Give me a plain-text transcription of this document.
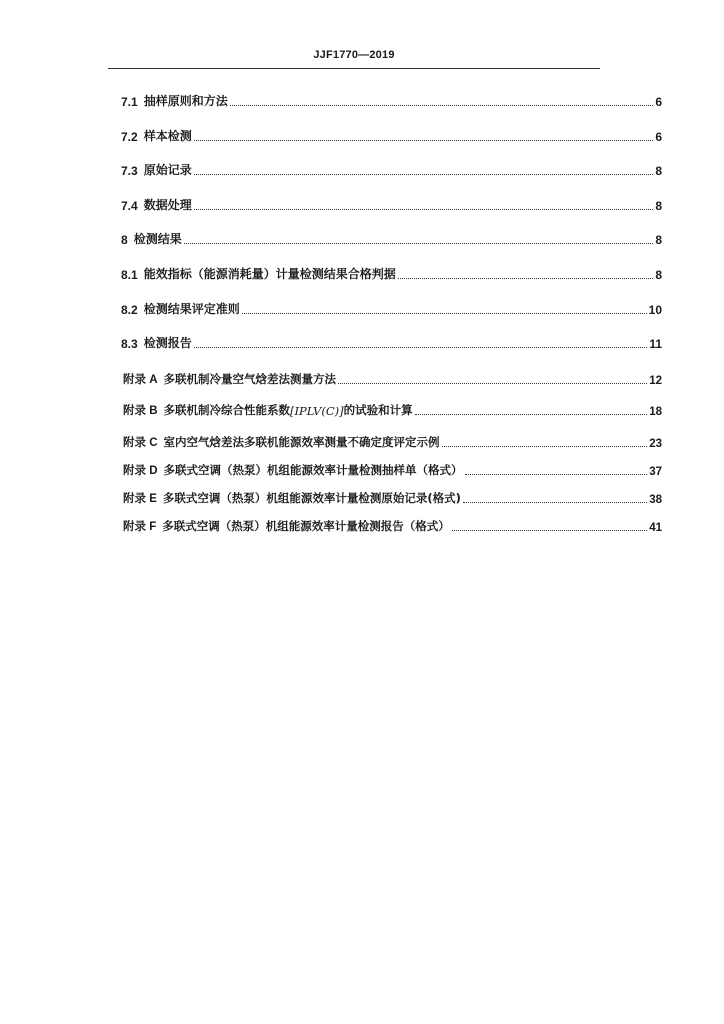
JJF1770—2019
7.1 抽样原则和方法	6
7.2 样本检测	6
7.3 原始记录	8
7.4 数据处理	8
8 检测结果	8
8.1 能效指标（能源消耗量）计量检测结果合格判据	8
8.2 检测结果评定准则	10
8.3 检测报告	11
附录 A 多联机制冷量空气焓差法测量方法	12
附录 B 多联机制冷综合性能系数 [IPLV(C)] 的试验和计算	18
附录 C 室内空气焓差法多联机能源效率测量不确定度评定示例	23
附录 D 多联式空调（热泵）机组能源效率计量检测抽样单（格式）	37
附录 E 多联式空调（热泵）机组能源效率计量检测原始记录(格式)	38
附录 F 多联式空调（热泵）机组能源效率计量检测报告（格式）	41
